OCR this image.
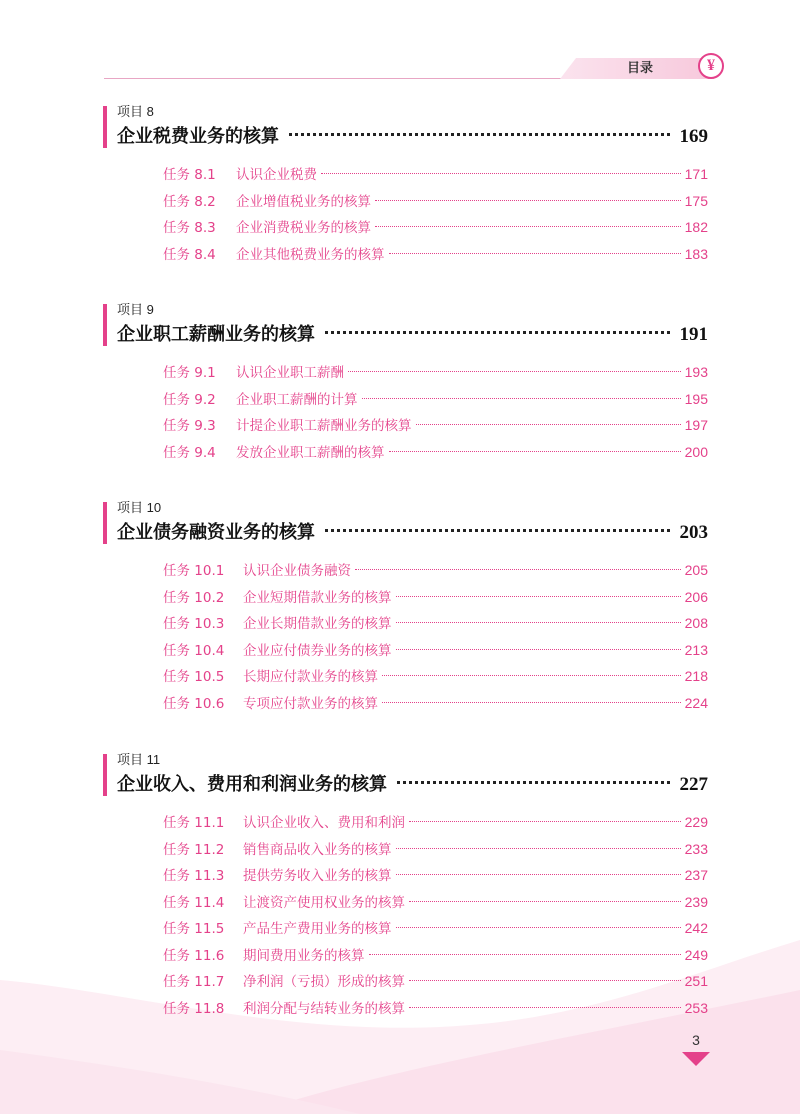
目录	¥
项目 8
企业税费业务的核算	169
任务 8.1	认识企业税费	171
任务 8.2	企业增值税业务的核算	175
任务 8.3	企业消费税业务的核算	182
任务 8.4	企业其他税费业务的核算	183
项目 9
企业职工薪酬业务的核算	191
任务 9.1	认识企业职工薪酬	193
任务 9.2	企业职工薪酬的计算	195
任务 9.3	计提企业职工薪酬业务的核算	197
任务 9.4	发放企业职工薪酬的核算	200
项目 10
企业债务融资业务的核算	203
任务 10.1	认识企业债务融资	205
任务 10.2	企业短期借款业务的核算	206
任务 10.3	企业长期借款业务的核算	208
任务 10.4	企业应付债券业务的核算	213
任务 10.5	长期应付款业务的核算	218
任务 10.6	专项应付款业务的核算	224
项目 11
企业收入、费用和利润业务的核算	227
任务 11.1	认识企业收入、费用和利润	229
任务 11.2	销售商品收入业务的核算	233
任务 11.3	提供劳务收入业务的核算	237
任务 11.4	让渡资产使用权业务的核算	239
任务 11.5	产品生产费用业务的核算	242
任务 11.6	期间费用业务的核算	249
任务 11.7	净利润（亏损）形成的核算	251
任务 11.8	利润分配与结转业务的核算	253
3
